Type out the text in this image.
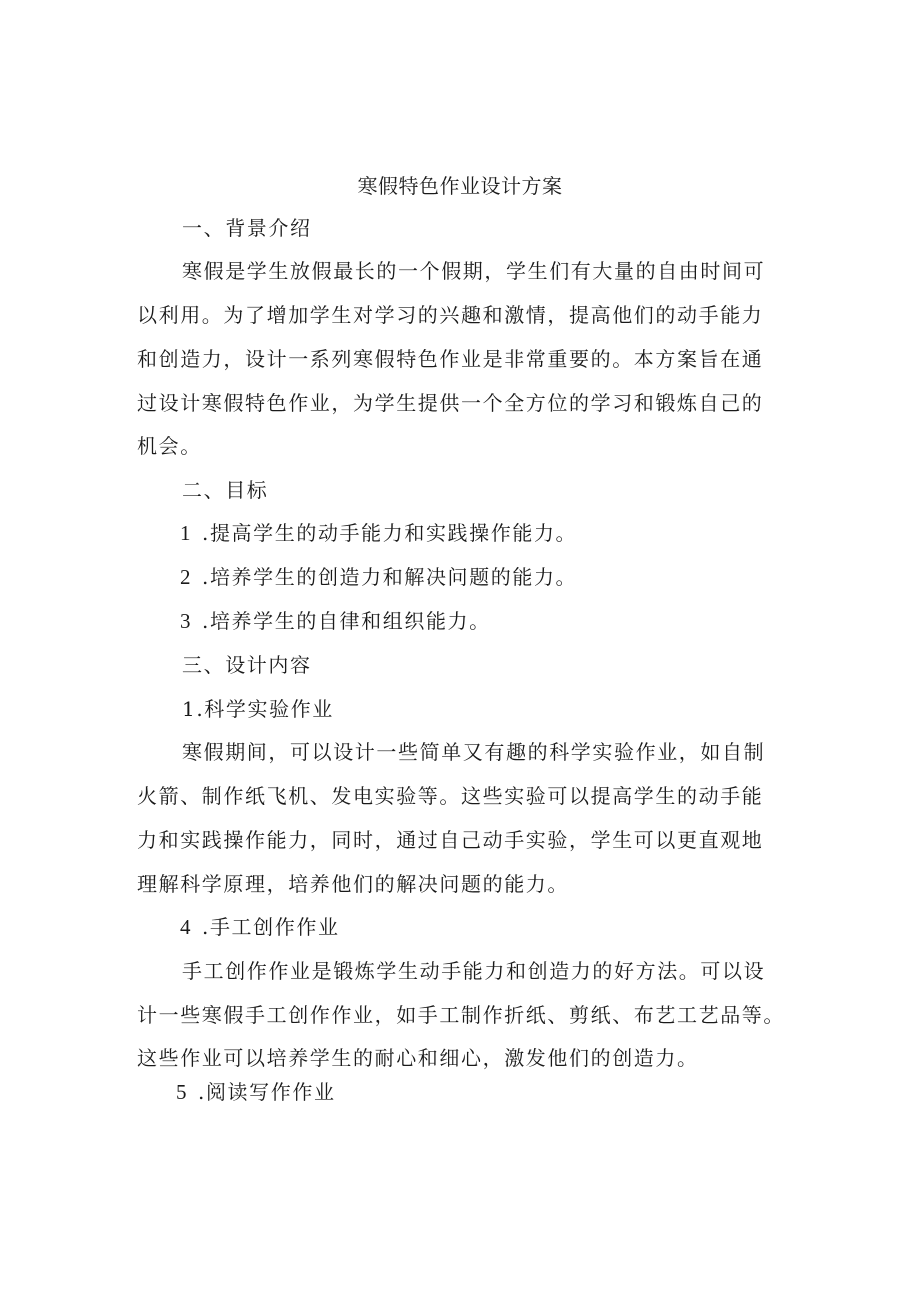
寒假特色作业设计方案
一、背景介绍
寒假是学生放假最长的一个假期，学生们有大量的自由时间可
以利用。为了增加学生对学习的兴趣和激情，提高他们的动手能力
和创造力，设计一系列寒假特色作业是非常重要的。本方案旨在通
过设计寒假特色作业，为学生提供一个全方位的学习和锻炼自己的
机会。
二、目标
1 .提高学生的动手能力和实践操作能力。
2 .培养学生的创造力和解决问题的能力。
3 .培养学生的自律和组织能力。
三、设计内容
1.科学实验作业
寒假期间，可以设计一些简单又有趣的科学实验作业，如自制
火箭、制作纸飞机、发电实验等。这些实验可以提高学生的动手能
力和实践操作能力，同时，通过自己动手实验，学生可以更直观地
理解科学原理，培养他们的解决问题的能力。
4 .手工创作作业
手工创作作业是锻炼学生动手能力和创造力的好方法。可以设
计一些寒假手工创作作业，如手工制作折纸、剪纸、布艺工艺品等。
这些作业可以培养学生的耐心和细心，激发他们的创造力。
5 .阅读写作作业
